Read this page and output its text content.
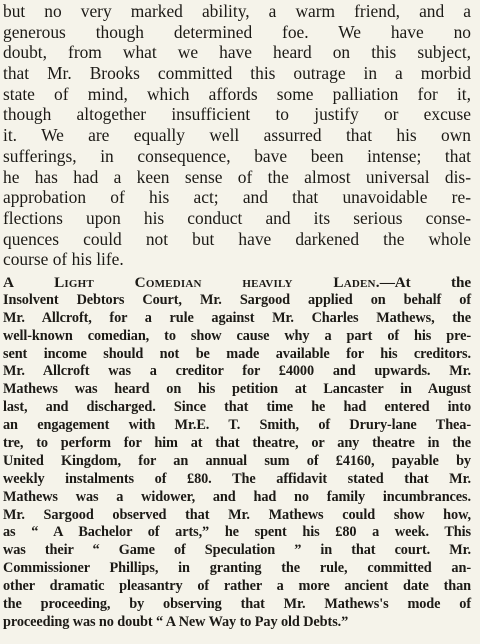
but no very marked ability, a warm friend, and a
generous though determined foe. We have no
doubt, from what we have heard on this subject,
that Mr. Brooks committed this outrage in a morbid
state of mind, which affords some palliation for it,
though altogether insufficient to justify or excuse
it. We are equally well assurred that his own
sufferings, in consequence, bave been intense; that
he has had a keen sense of the almost universal dis-
approbation of his act; and that unavoidable re-
flections upon his conduct and its serious conse-
quences could not but have darkened the whole
course of his life.
A Light Comedian heavily Laden.—At the
Insolvent Debtors Court, Mr. Sargood applied on behalf of
Mr. Allcroft, for a rule against Mr. Charles Mathews, the
well-known comedian, to show cause why a part of his pre-
sent income should not be made available for his creditors.
Mr. Allcroft was a creditor for £4000 and upwards. Mr.
Mathews was heard on his petition at Lancaster in August
last, and discharged. Since that time he had entered into
an engagement with Mr.E. T. Smith, of Drury-lane Thea-
tre, to perform for him at that theatre, or any theatre in the
United Kingdom, for an annual sum of £4160, payable by
weekly instalments of £80. The affidavit stated that Mr.
Mathews was a widower, and had no family incumbrances.
Mr. Sargood observed that Mr. Mathews could show how,
as “ A Bachelor of arts,” he spent his £80 a week. This
was their “ Game of Speculation ” in that court. Mr.
Commissioner Phillips, in granting the rule, committed an-
other dramatic pleasantry of rather a more ancient date than
the proceeding, by observing that Mr. Mathews's mode of
proceeding was no doubt “ A New Way to Pay old Debts.”
